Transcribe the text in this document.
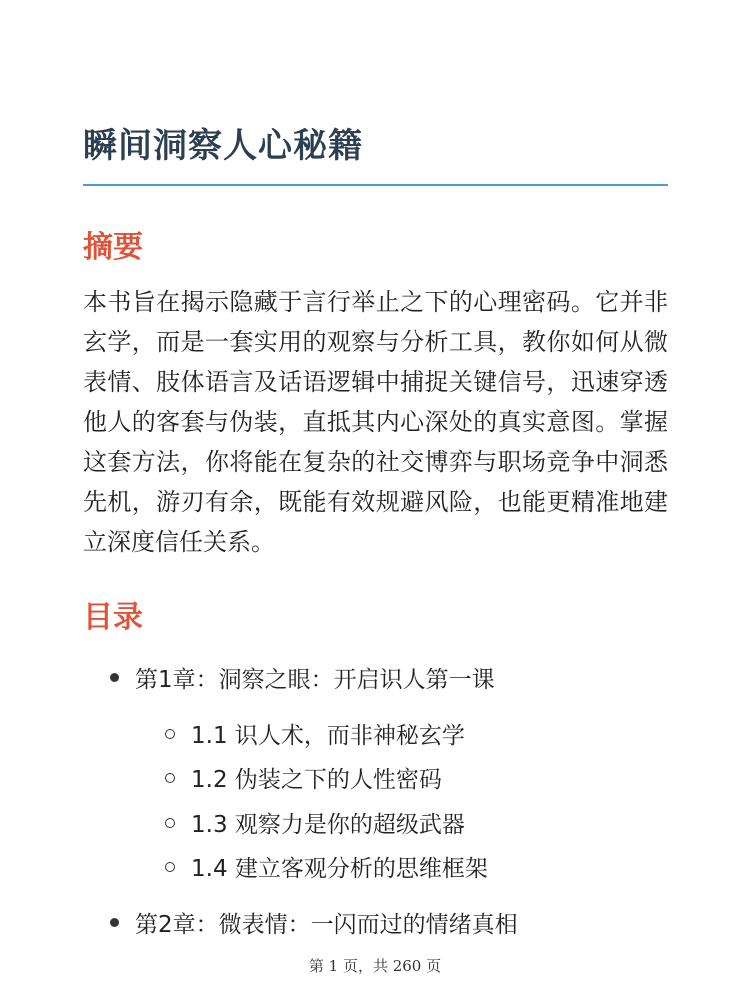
瞬间洞察人心秘籍
摘要

本书旨在揭示隐藏于言行举止之下的心理密码。它并非玄学，而是一套实用的观察与分析工具，教你如何从微表情、肢体语言及话语逻辑中捕捉关键信号，迅速穿透他人的客套与伪装，直抵其内心深处的真实意图。掌握这套方法，你将能在复杂的社交博弈与职场竞争中洞悉先机，游刃有余，既能有效规避风险，也能更精准地建立深度信任关系。

目录
第1章：洞察之眼：开启识人第一课
1.1 识人术，而非神秘玄学
1.2 伪装之下的人性密码
1.3 观察力是你的超级武器
1.4 建立客观分析的思维框架
第2章：微表情：一闪而过的情绪真相
第 1 页，共 260 页
